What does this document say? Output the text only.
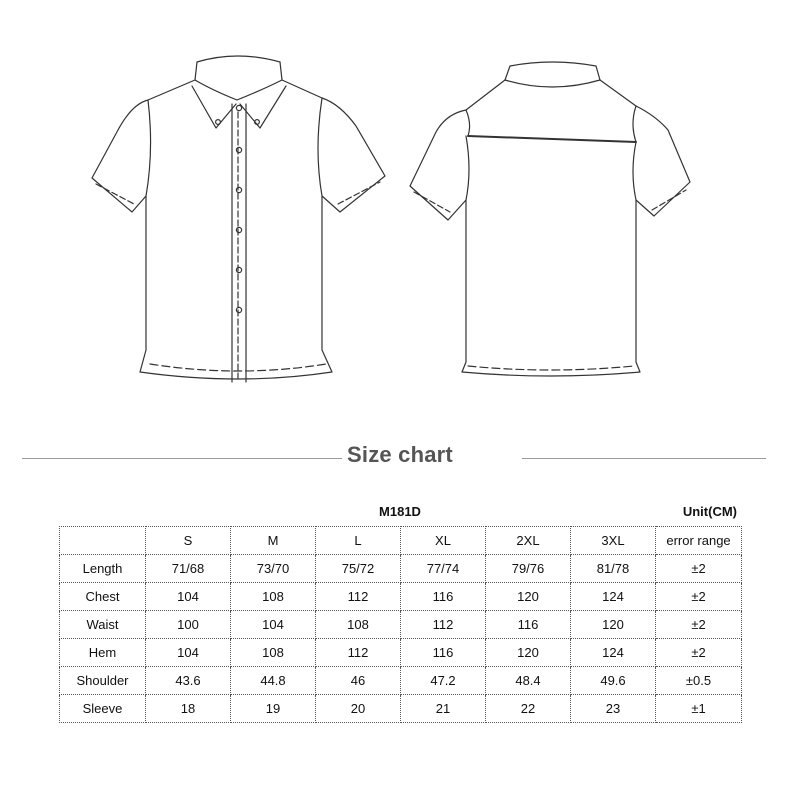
Size chart
M181D	Unit(CM)
	S	M	L	XL	2XL	3XL	error range
Length	71/68	73/70	75/72	77/74	79/76	81/78	±2
Chest	104	108	112	116	120	124	±2
Waist	100	104	108	112	116	120	±2
Hem	104	108	112	116	120	124	±2
Shoulder	43.6	44.8	46	47.2	48.4	49.6	±0.5
Sleeve	18	19	20	21	22	23	±1
